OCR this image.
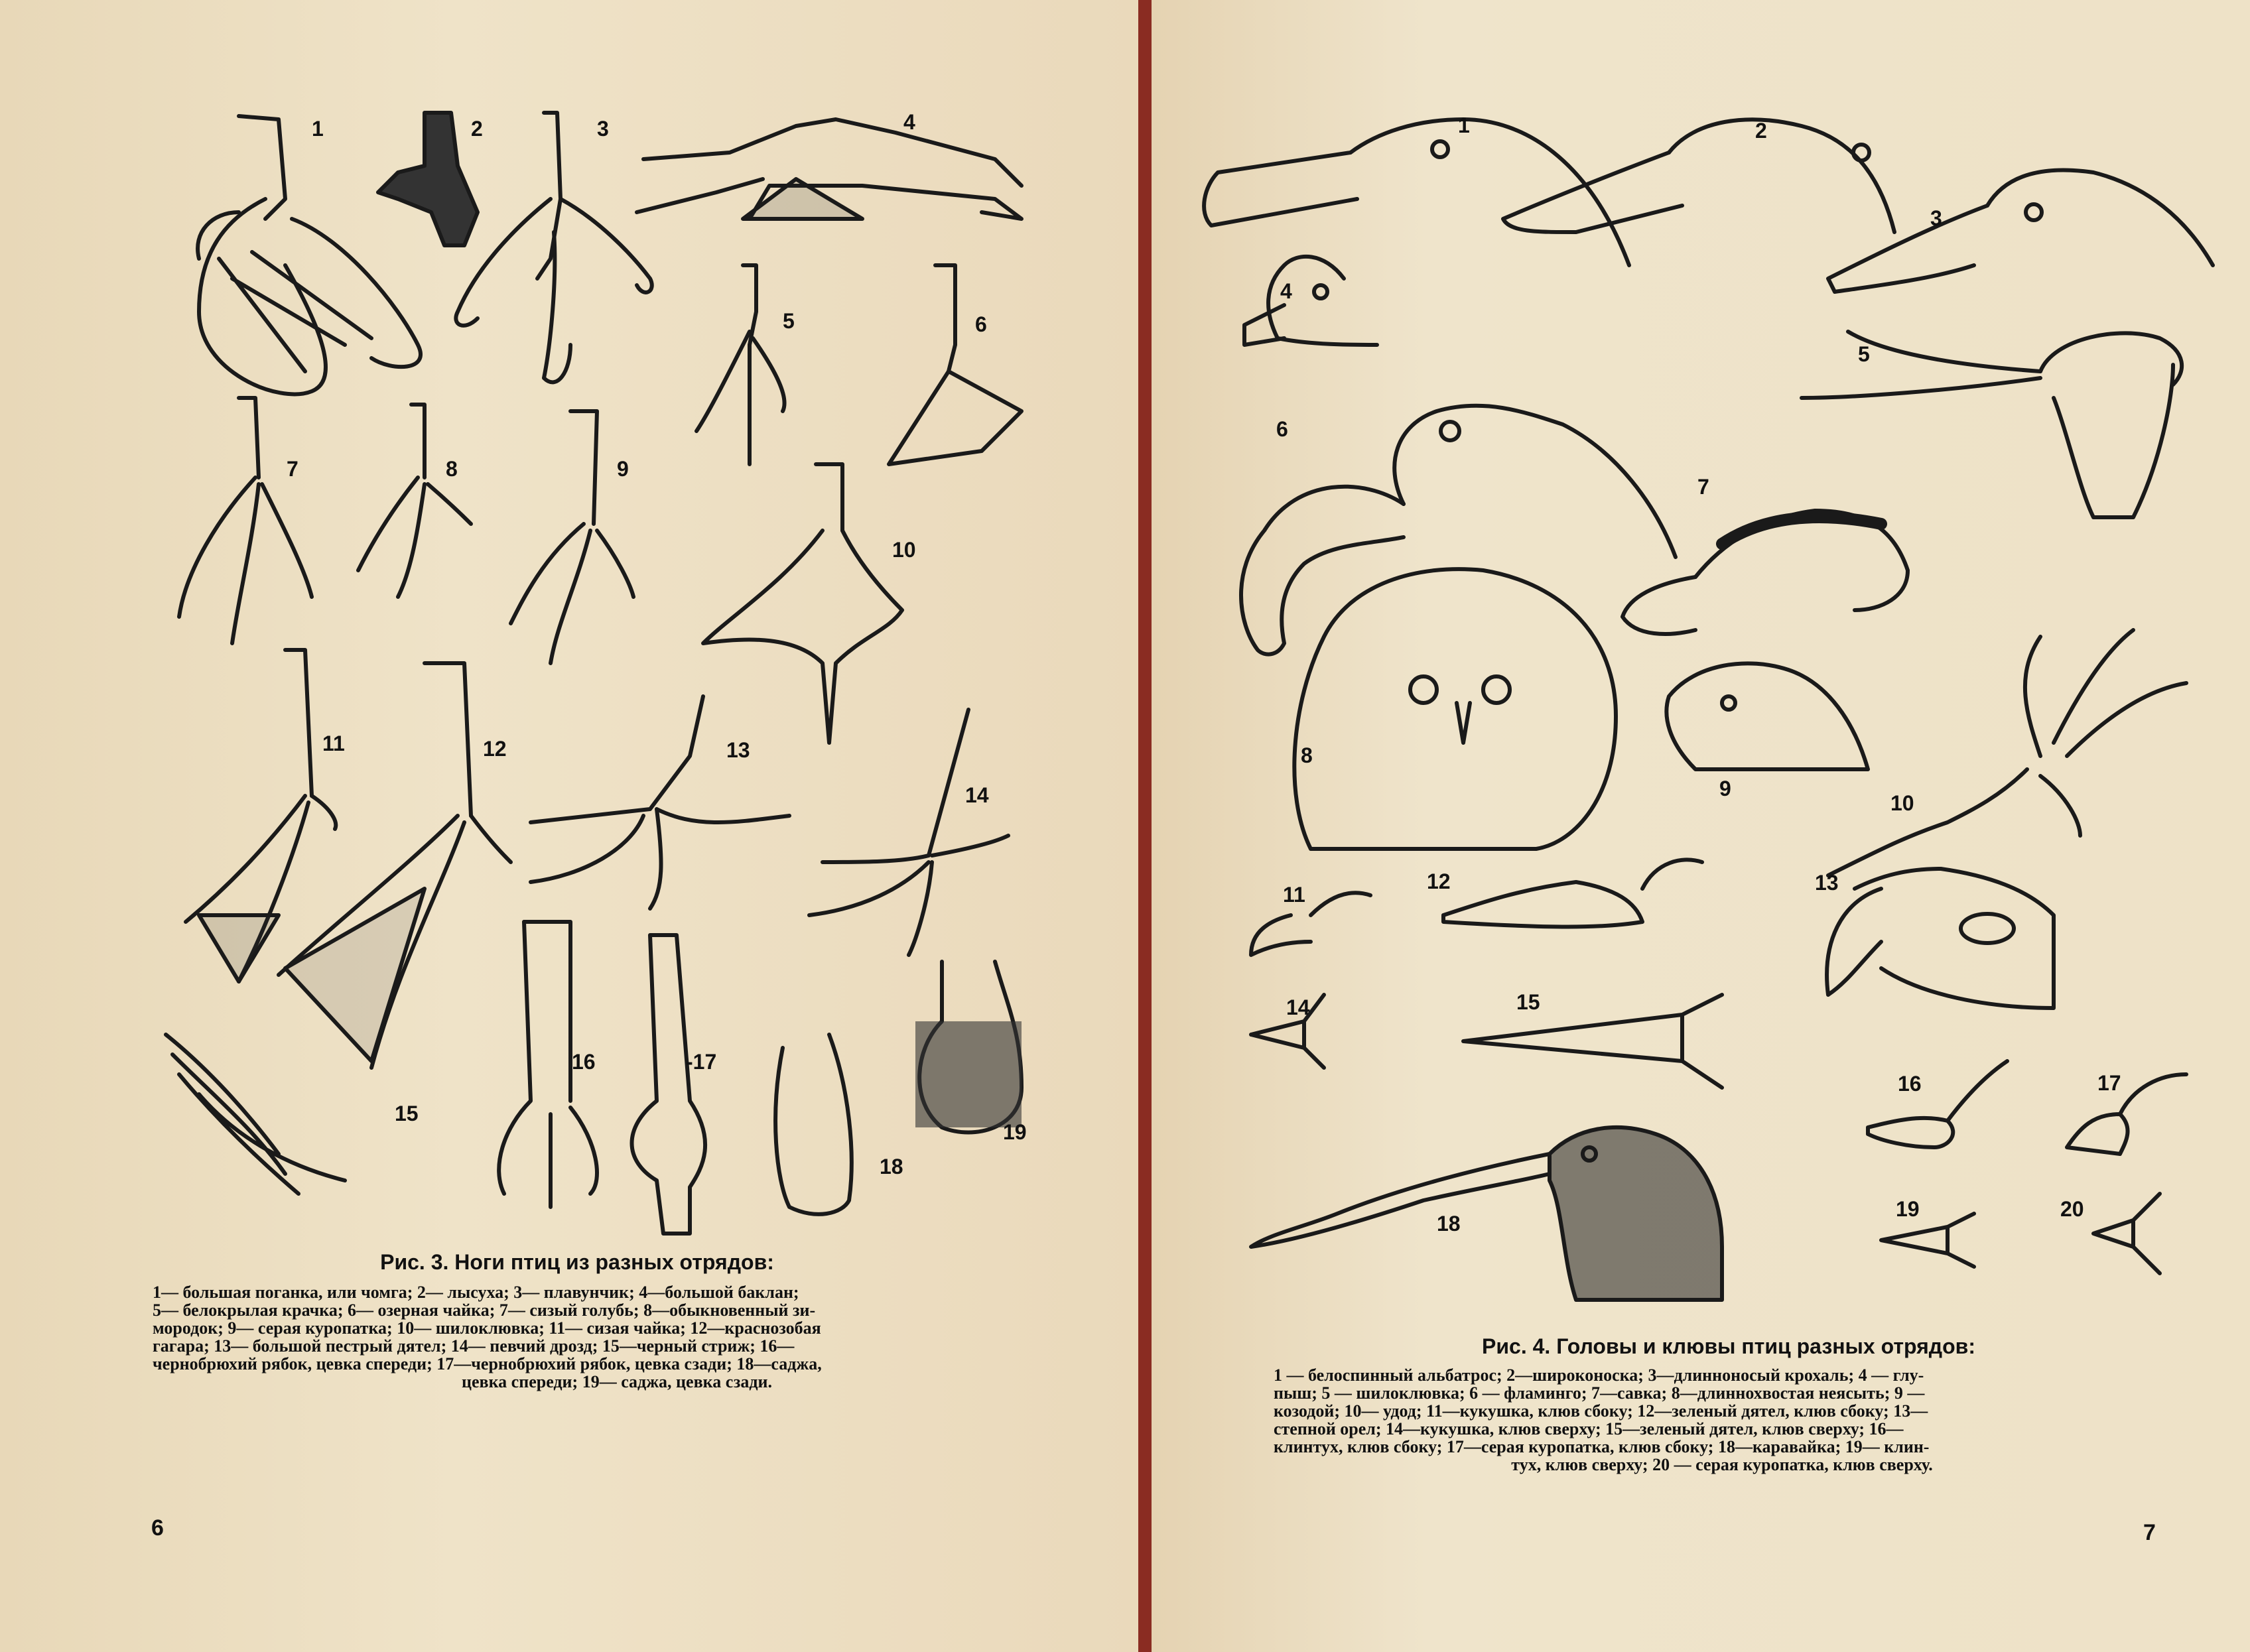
1	2	3	4
5	6
7	8	9
10
11	12	13
14
15
16	-17
18
19
Рис. 3. Ноги птиц из разных отрядов:
1— большая поганка, или чомга; 2— лысуха; 3— плавунчик; 4—большой баклан;
5— белокрылая крачка; 6— озерная чайка; 7— сизый голубь; 8—обыкновенный зи-
мородок; 9— серая куропатка; 10— шилоклювка; 11— сизая чайка; 12—краснозобая
гагара; 13— большой пестрый дятел; 14— певчий дрозд; 15—черный стриж; 16—
чернобрюхий рябок, цевка спереди; 17—чернобрюхий рябок, цевка сзади; 18—саджа,
цевка спереди; 19— саджа, цевка сзади.
6
1	2
3
4
5
6
7
8
9
10
11
12	13
14	15
16	17
18
19	20
Рис. 4. Головы и клювы птиц разных отрядов:
1 — белоспинный альбатрос; 2—широконоска; 3—длинноносый крохаль; 4 — глу-
пыш; 5 — шилоклювка; 6 — фламинго; 7—савка; 8—длиннохвостая неясыть; 9 —
козодой; 10— удод; 11—кукушка, клюв сбоку; 12—зеленый дятел, клюв сбоку; 13—
степной орел; 14—кукушка, клюв сверху; 15—зеленый дятел, клюв сверху; 16—
клинтух, клюв сбоку; 17—серая куропатка, клюв сбоку; 18—каравайка; 19— клин-
тух, клюв сверху; 20 — серая куропатка, клюв сверху.
7
